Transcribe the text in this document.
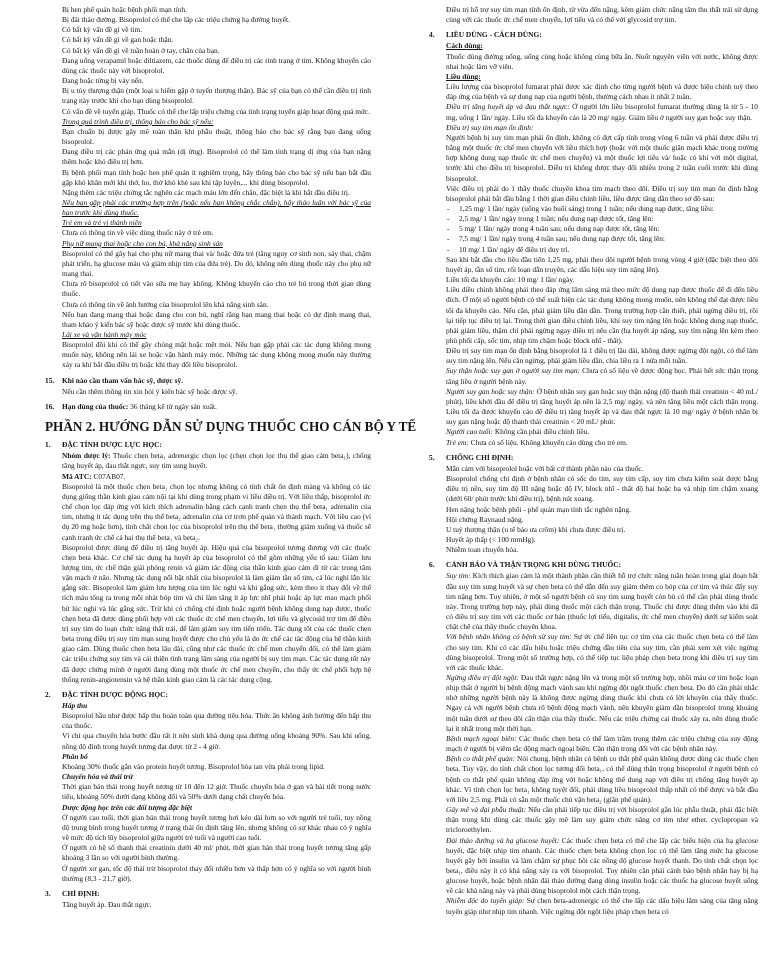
Bị hen phế quản hoặc bệnh phổi mạn tính.
Bị đái tháo đường. Bisoprolol có thể che lấp các triệu chứng hạ đường huyết.
Có bất kỳ vấn đề gì về tim.
Có bất kỳ vấn đề gì về gan hoặc thận.
Có bất kỳ vấn đề gì về tuần hoàn ở tay, chân của bạn.
Đang uống verapamil hoặc diltiazem, các thuốc dùng để điều trị các tình trạng ở tim. Không khuyến cáo dùng các thuốc này với bisoprolol.
Đang hoặc từng bị vảy nến.
Bị u tủy thượng thận (một loại u hiếm gặp ở tuyến thượng thận). Bác sỹ của bạn có thể cần điều trị tình trạng này trước khi cho bạn dùng bisoprolol.
Có vấn đề về tuyến giáp. Thuốc có thể che lấp triệu chứng của tình trạng tuyến giáp hoạt động quá mức.
Trong quá trình điều trị, thông báo cho bác sỹ nếu:
Bạn chuẩn bị được gây mê toàn thân khi phẫu thuật, thông báo cho bác sỹ rằng bạn đang uống bisoprolol.
Đang điều trị các phản ứng quá mẫn (dị ứng). Bisoprolol có thể làm tình trạng dị ứng của bạn nặng thêm hoặc khó điều trị hơn.
Bị bệnh phổi mạn tính hoặc hen phế quản ít nghiêm trọng, hãy thông báo cho bác sỹ nếu bạn bắt đầu gặp khó khăn mới khi thở, ho, thở khò khè sau khi tập luyện,... khi dùng bisoprolol.
Nặng thêm các triệu chứng tắc nghẽn các mạch máu lớn đến chân, đặc biệt là khi bắt đầu điều trị.
Nếu bạn gặp phải các trường hợp trên (hoặc nếu bạn không chắc chắn), hãy thảo luận với bác sỹ của bạn trước khi dùng thuốc.
Trẻ em và trẻ vị thành niên
Chưa có thông tin về việc dùng thuốc này ở trẻ em.
Phụ nữ mang thai hoặc cho con bú, khả năng sinh sản
Bisoprolol có thể gây hại cho phụ nữ mang thai và/ hoặc đứa trẻ (tăng nguy cơ sinh non, sảy thai, chậm phát triển, hạ glucose máu và giảm nhịp tim của đứa trẻ). Do đó, không nên dùng thuốc này cho phụ nữ mang thai.
Chưa rõ bisoprolol có tiết vào sữa mẹ hay không. Không khuyến cáo cho trẻ bú trong thời gian dùng thuốc.
Chưa có thông tin về ảnh hưởng của bisoprolol lên khả năng sinh sản.
Nếu bạn đang mang thai hoặc đang cho con bú, nghĩ rằng bạn mang thai hoặc có dự định mang thai, tham khảo ý kiến bác sỹ hoặc dược sỹ trước khi dùng thuốc.
Lái xe và vận hành máy móc
Bisoprolol đôi khi có thể gây chóng mặt hoặc mệt mỏi. Nếu bạn gặp phải các tác dụng không mong muốn này, không nên lái xe hoặc vận hành máy móc. Những tác dụng không mong muốn này thường xảy ra khi bắt đầu điều trị hoặc khi thay đổi liều bisoprolol.
15. Khi nào cần tham vấn bác sỹ, dược sỹ.
Nếu cần thêm thông tin xin hỏi ý kiến bác sỹ hoặc dược sỹ.
16. Hạn dùng của thuốc: 36 tháng kể từ ngày sản xuất.
PHẦN 2. HƯỚNG DẪN SỬ DỤNG THUỐC CHO CÁN BỘ Y TẾ
1. ĐẶC TÍNH DƯỢC LỰC HỌC:
Nhóm dược lý: Thuốc chẹn beta₁ adrenergic chọn lọc (chẹn chọn lọc thụ thể giao cảm beta₁), chống tăng huyết áp, đau thắt ngực, suy tim sung huyết.
Mã ATC: C07AB07.
Bisoprolol là một thuốc chẹn beta₁ chọn lọc nhưng không có tính chất ổn định màng và không có tác dụng giống thần kinh giao cảm nội tại khi dùng trong phạm vi liều điều trị. Với liều thấp, bisoprolol ức chế chọn lọc đáp ứng với kích thích adrenalin bằng cách cạnh tranh chẹn thụ thể beta₁ adrenalin của tim, nhưng ít tác dụng trên thụ thể beta₂ adrenalin của cơ trơn phế quản và thành mạch. Với liều cao (ví dụ 20 mg hoặc hơn), tính chất chọn lọc của bisoprolol trên thụ thể beta₁ thường giảm xuống và thuốc sẽ cạnh tranh ức chế cả hai thụ thể beta₁ và beta₂.
Bisoprolol được dùng để điều trị tăng huyết áp. Hiệu quả của bisoprolol tương đương với các thuốc chẹn beta khác. Cơ chế tác dụng hạ huyết áp của bisoprolol có thể gồm những yếu tố sau: Giảm lưu lượng tim, ức chế thận giải phóng renin và giảm tác động của thần kinh giao cảm đi từ các trung tâm vận mạch ở não. Nhưng tác dụng nổi bật nhất của bisoprolol là làm giảm tần số tim, cả lúc nghỉ lẫn lúc gắng sức. Bisoprolol làm giảm lưu lượng của tim lúc nghỉ và khi gắng sức, kèm theo ít thay đổi về thể tích máu tống ra trong mỗi nhát bóp tim và chỉ làm tăng ít áp lực nhĩ phải hoặc áp lực mao mạch phổi bít lúc nghỉ và lúc gắng sức. Trừ khi có chống chỉ định hoặc người bệnh không dung nạp được, thuốc chẹn beta đã được dùng phối hợp với các thuốc ức chế men chuyển, lợi tiểu và glycosid trợ tim để điều trị suy tim do loạn chức năng thất trái, để làm giảm suy tim tiến triển. Tác dụng tốt của các thuốc chẹn beta trong điều trị suy tim mạn sung huyết được cho chủ yếu là do ức chế các tác động của hệ thần kinh giao cảm. Dùng thuốc chẹn beta lâu dài, cũng như các thuốc ức chế men chuyển đổi, có thể làm giảm các triệu chứng suy tim và cải thiện tình trạng lâm sàng của người bị suy tim mạn. Các tác dụng tốt này đã được chứng minh ở người đang dùng một thuốc ức chế men chuyển, cho thấy ức chế phối hợp hệ thống renin-angiotensin và hệ thần kinh giao cảm là các tác dụng cộng.
2. ĐẶC TÍNH DƯỢC ĐỘNG HỌC:
Hấp thu
Bisoprolol hầu như được hấp thu hoàn toàn qua đường tiêu hóa. Thức ăn không ảnh hưởng đến hấp thu của thuốc.
Vì chỉ qua chuyển hóa bước đầu rất ít nên sinh khả dụng qua đường uống khoảng 90%. Sau khi uống, nồng độ đỉnh trong huyết tương đạt được từ 2 - 4 giờ.
Phân bố
Khoảng 30% thuốc gắn vào protein huyết tương. Bisoprolol hòa tan vừa phải trong lipid.
Chuyển hóa và thải trừ
Thời gian bán thải trong huyết tương từ 10 đến 12 giờ. Thuốc chuyển hóa ở gan và bài tiết trong nước tiểu, khoảng 50% dưới dạng không đổi và 50% dưới dạng chất chuyển hóa.
Dược động học trên các đối tượng đặc biệt
Ở người cao tuổi, thời gian bán thải trong huyết tương hơi kéo dài hơn so với người trẻ tuổi, tuy nồng độ trung bình trong huyết tương ở trạng thái ổn định tăng lên, nhưng không có sự khác nhau có ý nghĩa về mức độ tích lũy bisoprolol giữa người trẻ tuổi và người cao tuổi.
Ở người có hệ số thanh thải creatinin dưới 40 ml/ phút, thời gian bán thải trong huyết tương tăng gấp khoảng 3 lần so với người bình thường.
Ở người xơ gan, tốc độ thải trừ bisoprolol thay đổi nhiều hơn và thấp hơn có ý nghĩa so với người bình thường (8,3 - 21,7 giờ).
3. CHỈ ĐỊNH:
Tăng huyết áp. Đau thắt ngực.
Điều trị hỗ trợ suy tim mạn tính ổn định, từ vừa đến nặng, kèm giảm chức năng tâm thu thất trái sử dụng cùng với các thuốc ức chế men chuyển, lợi tiểu và có thể với glycosid trợ tim.
4. LIỀU DÙNG - CÁCH DÙNG:
Cách dùng:
Thuốc dùng đường uống, uống cùng hoặc không cùng bữa ăn. Nuốt nguyên viên với nước, không được nhai hoặc làm vỡ viên.
Liều dùng:
Liều lượng của bisoprolol fumarat phải được xác định cho từng người bệnh và được hiệu chỉnh tuỳ theo đáp ứng của bệnh và sự dung nạp của người bệnh, thường cách nhau ít nhất 2 tuần.
Điều trị tăng huyết áp và đau thắt ngực: Ở người lớn liều bisoprolol fumarat thường dùng là từ 5 - 10 mg, uống 1 lần/ ngày. Liều tối đa khuyến cáo là 20 mg/ ngày. Giảm liều ở người suy gan hoặc suy thận.
Điều trị suy tim mạn ổn định:
Người bệnh bị suy tim mạn phải ổn định, không có đợt cấp tính trong vòng 6 tuần và phải được điều trị bằng một thuốc ức chế men chuyển với liều thích hợp (hoặc với một thuốc giãn mạch khác trong trường hợp không dung nạp thuốc ức chế men chuyển) và một thuốc lợi tiểu và/ hoặc có khi với một digital, trước khi cho điều trị bisoprolol. Điều trị không được thay đổi nhiều trong 2 tuần cuối trước khi dùng bisoprolol.
Việc điều trị phải do 1 thầy thuốc chuyên khoa tim mạch theo dõi. Điều trị suy tim mạn ổn định bằng bisoprolol phải bắt đầu bằng 1 thời gian điều chỉnh liều, liều được tăng dần theo sơ đồ sau:
- 1,25 mg/ 1 lần/ ngày (uống vào buổi sáng) trong 1 tuần; nếu dung nạp được, tăng liều:
- 2,5 mg/ 1 lần/ ngày trong 1 tuần; nếu dung nạp được tốt, tăng lên:
- 5 mg/ 1 lần/ ngày trong 4 tuần sau; nếu dung nạp được tốt, tăng lên:
- 7,5 mg/ 1 lần/ ngày trong 4 tuần sau; nếu dung nạp được tốt, tăng lên:
- 10 mg/ 1 lần/ ngày để điều trị duy trì.
Sau khi bắt đầu cho liều đầu tiên 1,25 mg, phải theo dõi người bệnh trong vòng 4 giờ (đặc biệt theo dõi huyết áp, tần số tim, rối loạn dẫn truyền, các dấu hiệu suy tim nặng lên).
Liều tối đa khuyến cáo: 10 mg/ 1 lần/ ngày.
Liều điều chỉnh không phải theo đáp ứng lâm sàng mà theo mức độ dung nạp được thuốc để đi đến liều đích. Ở một số người bệnh có thể xuất hiện các tác dụng không mong muốn, nên không thể đạt được liều tối đa khuyến cáo. Nếu cần, phải giảm liều dần dần. Trong trường hợp cần thiết, phải ngừng điều trị, rồi lại tiếp tục điều trị lại. Trong thời gian điều chỉnh liều, khi suy tim nặng lên hoặc không dung nạp thuốc, phải giảm liều, thậm chí phải ngừng ngay điều trị nếu cần (hạ huyết áp nặng, suy tim nặng lên kèm theo phù phổi cấp, sốc tim, nhịp tim chậm hoặc block nhĩ - thất).
Điều trị suy tim mạn ổn định bằng bisoprolol là 1 điều trị lâu dài, không được ngừng đột ngột, có thể làm suy tim nặng lên. Nếu cần ngừng, phải giảm liều dần, chia liều ra 1 nửa mỗi tuần.
Suy thận hoặc suy gan ở người suy tim mạn: Chưa có số liệu về dược động học. Phải hết sức thận trọng tăng liều ở người bệnh này.
Người suy gan hoặc suy thận: Ở bệnh nhân suy gan hoặc suy thận nặng (độ thanh thải creatinin < 40 mL/ phút), liều khởi đầu để điều trị tăng huyết áp nên là 2,5 mg/ ngày, và nên tăng liều một cách thận trọng. Liều tối đa được khuyến cáo để điều trị tăng huyết áp và đau thắt ngực là 10 mg/ ngày ở bệnh nhân bị suy gan nặng hoặc độ thanh thải creatinin < 20 mL/ phút.
Người cao tuổi: Không cần phải điều chỉnh liều.
Trẻ em: Chưa có số liệu. Không khuyến cáo dùng cho trẻ em.
5. CHỐNG CHỈ ĐỊNH:
Mẫn cảm với bisoprolol hoặc với bất cứ thành phần nào của thuốc.
Bisoprolol chống chỉ định ở bệnh nhân có sốc do tim, suy tim cấp, suy tim chưa kiểm soát được bằng điều trị nền, suy tim độ III nặng hoặc độ IV, block nhĩ - thất độ hai hoặc ba và nhịp tim chậm xoang (dưới 60/ phút trước khi điều trị), bệnh nút xoang.
Hen nặng hoặc bệnh phổi - phế quản mạn tính tắc nghẽn nặng.
Hội chứng Raynaud nặng.
U tuỷ thượng thận (u tế bào ưa crôm) khi chưa được điều trị.
Huyết áp thấp (< 100 mmHg).
Nhiễm toan chuyển hóa.
6. CẢNH BÁO VÀ THẬN TRỌNG KHI DÙNG THUỐC:
Suy tim: Kích thích giao cảm là một thành phần cần thiết hỗ trợ chức năng tuần hoàn trong giai đoạn bắt đầu suy tim sung huyết và sự chẹn beta có thể dẫn đến suy giảm thêm co bóp của cơ tim và thúc đẩy suy tim nặng hơn. Tuy nhiên, ở một số người bệnh có suy tim sung huyết còn bù có thể cần phải dùng thuốc này. Trong trường hợp này, phải dùng thuốc một cách thận trọng. Thuốc chỉ được dùng thêm vào khi đã có điều trị suy tim với các thuốc cơ bản (thuốc lợi tiểu, digitalis, ức chế men chuyển) dưới sự kiểm soát chặt chẽ của thầy thuốc chuyên khoa.
Với bệnh nhân không có bệnh sử suy tim: Sự ức chế liên tục cơ tim của các thuốc chẹn beta có thể làm cho suy tim. Khi có các dấu hiệu hoặc triệu chứng đầu tiên của suy tim, cần phải xem xét việc ngừng dùng bisoprolol. Trong một số trường hợp, có thể tiếp tục liệu pháp chẹn beta trong khi điều trị suy tim với các thuốc khác.
Ngừng điều trị đột ngột: Đau thắt ngực nặng lên và trong một số trường hợp, nhồi máu cơ tim hoặc loạn nhịp thất ở người bị bệnh động mạch vành sau khi ngừng đột ngột thuốc chẹn beta. Do đó cần phải nhắc nhở những người bệnh này là không được ngừng dùng thuốc khi chưa có lời khuyên của thầy thuốc. Ngay cả với người bệnh chưa rõ bệnh động mạch vành, nên khuyên giảm dần bisoprolol trong khoảng một tuần dưới sự theo dõi cẩn thận của thầy thuốc. Nếu các triệu chứng cai thuốc xảy ra, nên dùng thuốc lại ít nhất trong một thời hạn.
Bệnh mạch ngoại biên: Các thuốc chẹn beta có thể làm trầm trọng thêm các triệu chứng của suy động mạch ở người bị viêm tắc động mạch ngoại biên. Cần thận trọng đối với các bệnh nhân này.
Bệnh co thắt phế quản: Nói chung, bệnh nhân có bệnh co thắt phế quản không được dùng các thuốc chẹn beta. Tuy vậy, do tính chất chọn lọc tương đối beta₁, có thể dùng thận trọng bisoprolol ở người bệnh có bệnh co thắt phế quản không đáp ứng với hoặc không thể dung nạp với điều trị chống tăng huyết áp khác. Vì tính chọn lọc beta₁ không tuyệt đối, phải dùng liều bisoprolol thấp nhất có thể được và bắt đầu với liều 2,5 mg. Phải có sẵn một thuốc chủ vận beta₂ (giãn phế quản).
Gây mê và đại phẫu thuật: Nếu cần phải tiếp tục điều trị với bisoprolol gần lúc phẫu thuật, phải đặc biệt thận trọng khi dùng các thuốc gây mê làm suy giảm chức năng cơ tim như ether, cyclopropan và tricloroethylen.
Đái tháo đường và hạ glucose huyết: Các thuốc chẹn beta có thể che lấp các biểu hiện của hạ glucose huyết, đặc biệt nhịp tim nhanh. Các thuốc chẹn beta không chọn lọc có thể làm tăng mức hạ glucose huyết gây bởi insulin và làm chậm sự phục hồi các nồng độ glucose huyết thanh. Do tính chất chọn lọc beta₁, điều này ít có khả năng xảy ra với bisoprolol. Tuy nhiên cần phải cảnh báo bệnh nhân hay bị hạ glucose huyết, hoặc bệnh nhân đái tháo đường đang dùng insulin hoặc các thuốc hạ glucose huyết uống về các khả năng này và phải dùng bisoprolol một cách thận trọng.
Nhiễm độc do tuyến giáp: Sự chẹn beta-adrenergic có thể che lấp các dấu hiệu lâm sàng của tăng năng tuyến giáp như nhịp tim nhanh. Việc ngừng đột ngột liệu pháp chẹn beta có
